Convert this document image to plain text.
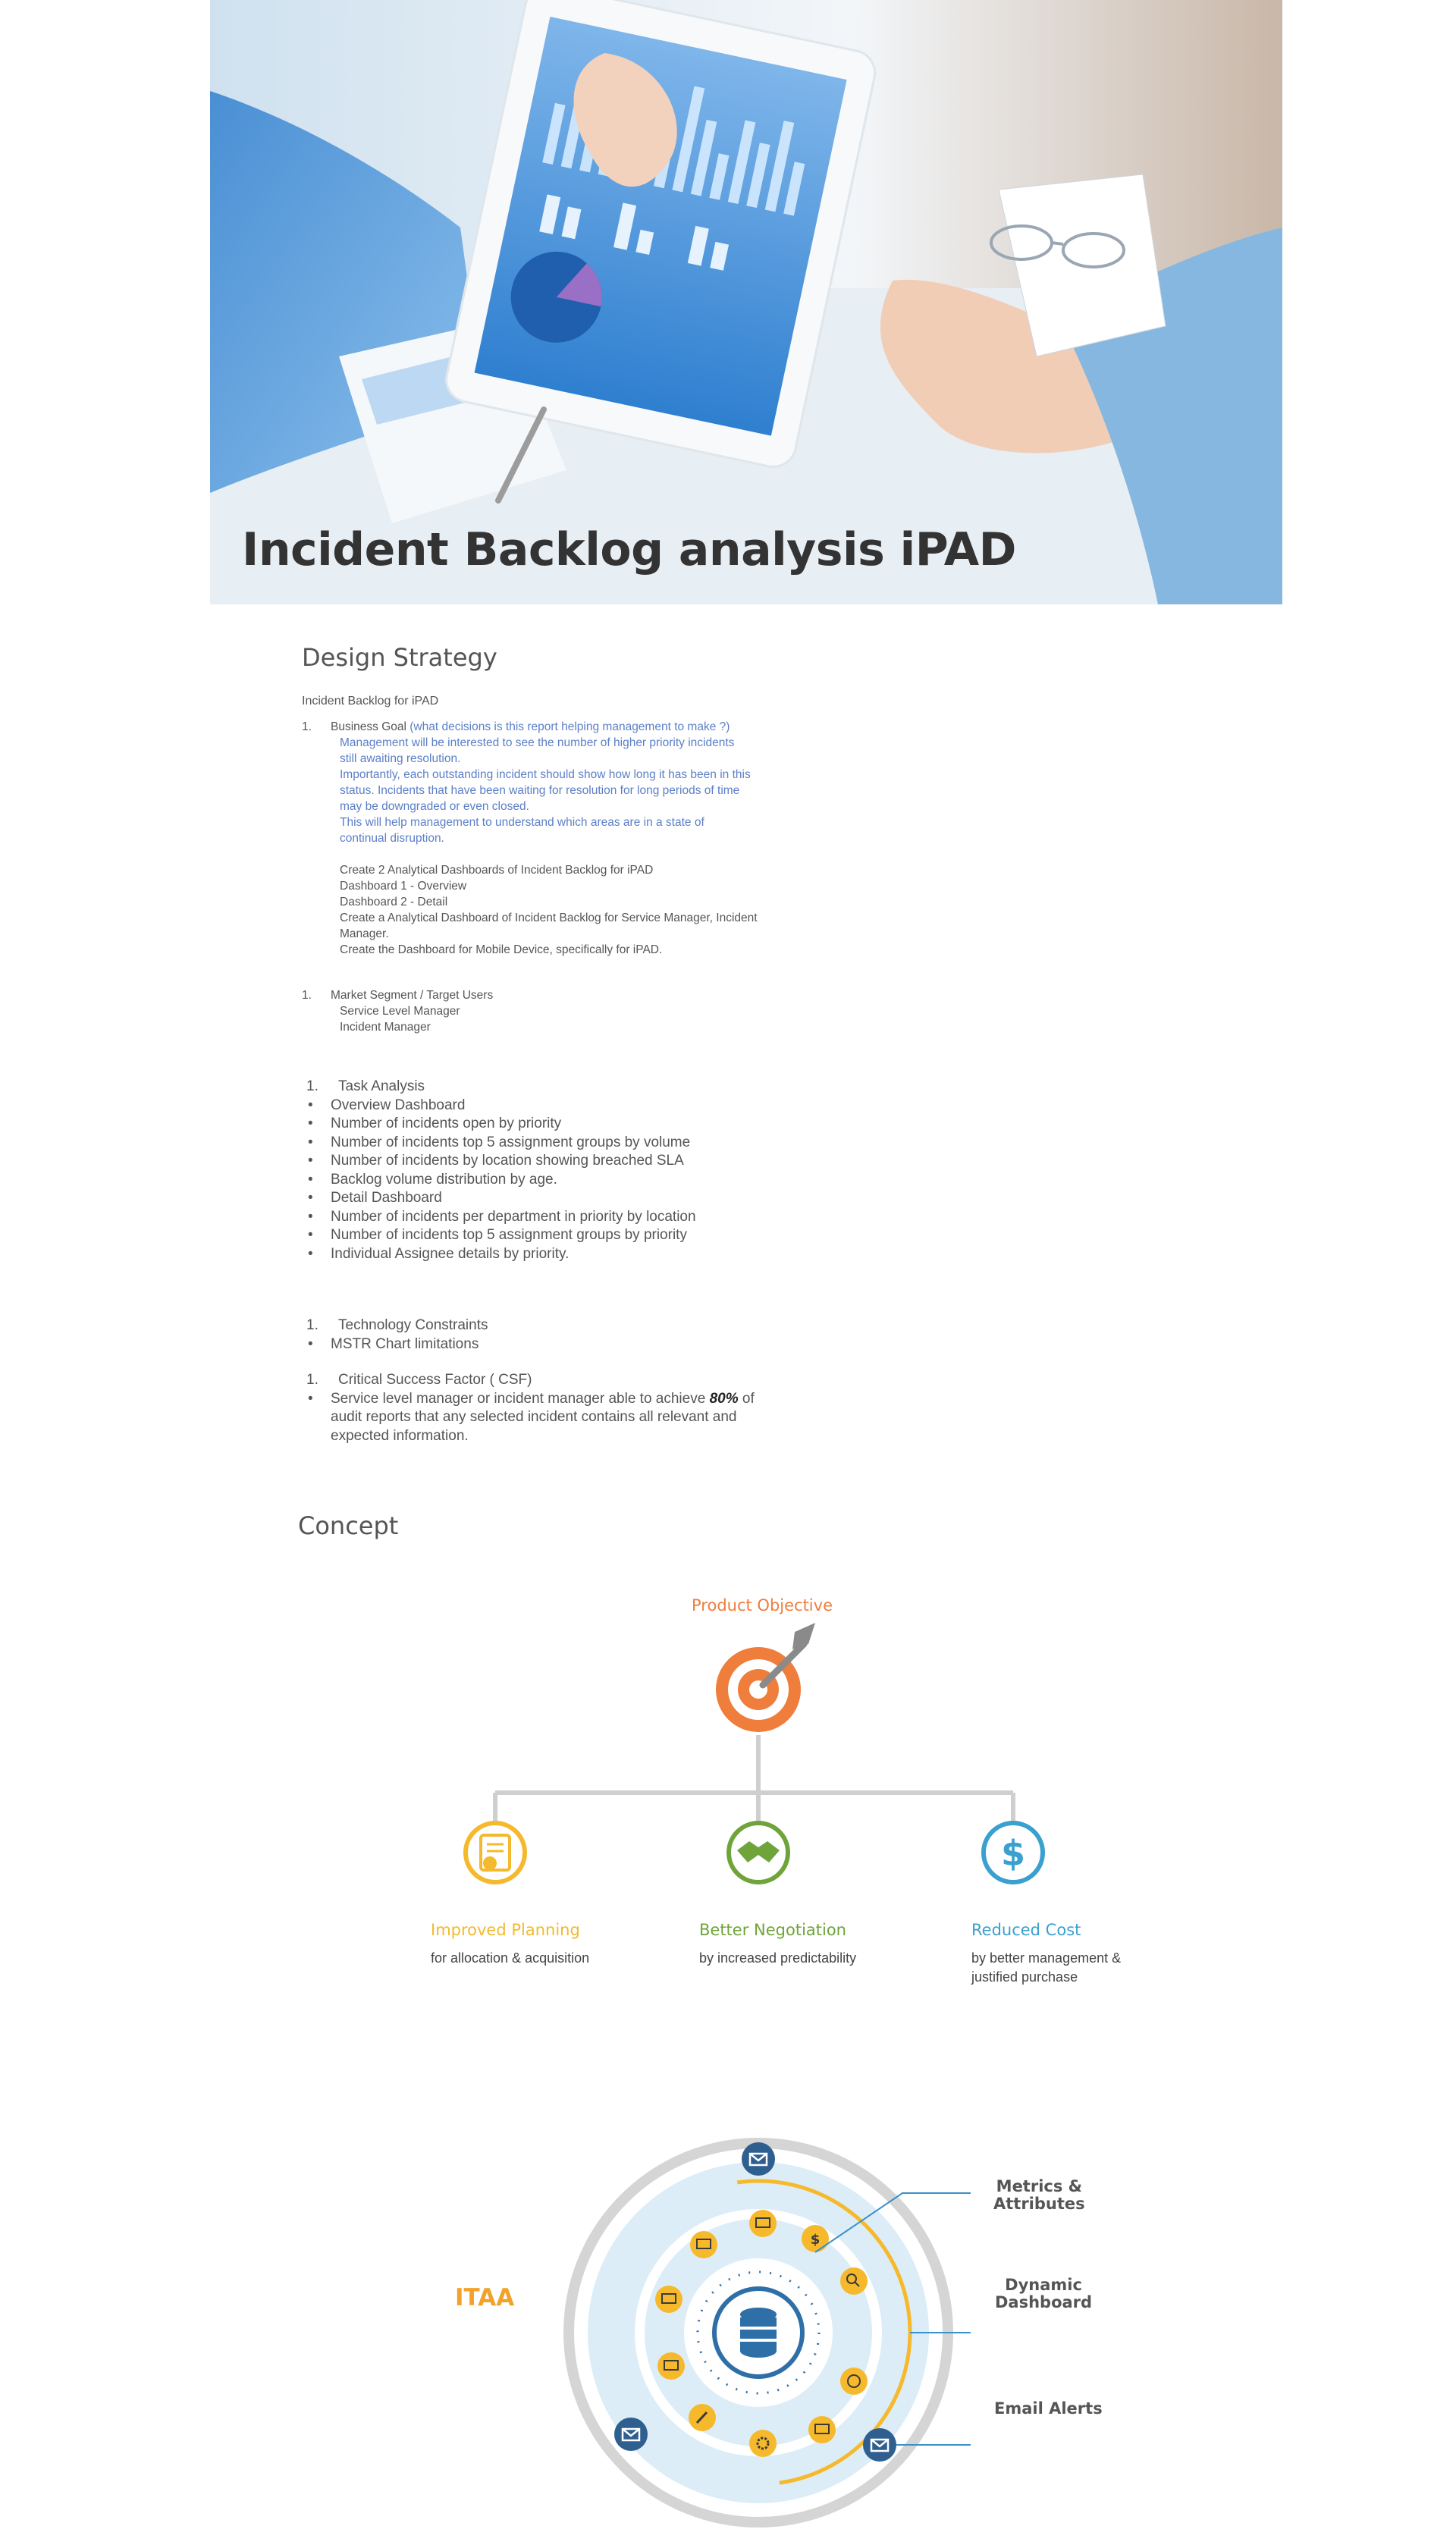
Incident Backlog analysis iPAD
Design Strategy
Incident Backlog for iPAD
1.	Business Goal (what decisions is this report helping management to make ?)
Management will be interested to see the number of higher priority incidents
still awaiting resolution.
Importantly, each outstanding incident should show how long it has been in this
status. Incidents that have been waiting for resolution for long periods of time
may be downgraded or even closed.
This will help management to understand which areas are in a state of
continual disruption.
Create 2 Analytical Dashboards of Incident Backlog for iPAD
Dashboard 1 - Overview
Dashboard 2 - Detail
Create a Analytical Dashboard of Incident Backlog for Service Manager, Incident
Manager.
Create the Dashboard for Mobile Device, specifically for iPAD.
1.	Market Segment / Target Users
Service Level Manager
Incident Manager
1.	Task Analysis
•	Overview Dashboard
•	Number of incidents open by priority
•	Number of incidents top 5 assignment groups by volume
•	Number of incidents by location showing breached SLA
•	Backlog volume distribution by age.
•	Detail Dashboard
•	Number of incidents per department in priority by location
•	Number of incidents top 5 assignment groups by priority
•	Individual Assignee details by priority.
1.	Technology Constraints
•	MSTR Chart limitations
1.	Critical Success Factor ( CSF)
•	Service level manager or incident manager able to achieve 80% of
audit reports that any selected incident contains all relevant and
expected information.
Concept
Product Objective
$
Improved Planning
for allocation & acquisition
Better Negotiation
by increased predictability
Reduced Cost
by better management &
justified purchase
ITAA
$
Metrics &
Attributes
Dynamic
Dashboard
Email Alerts
